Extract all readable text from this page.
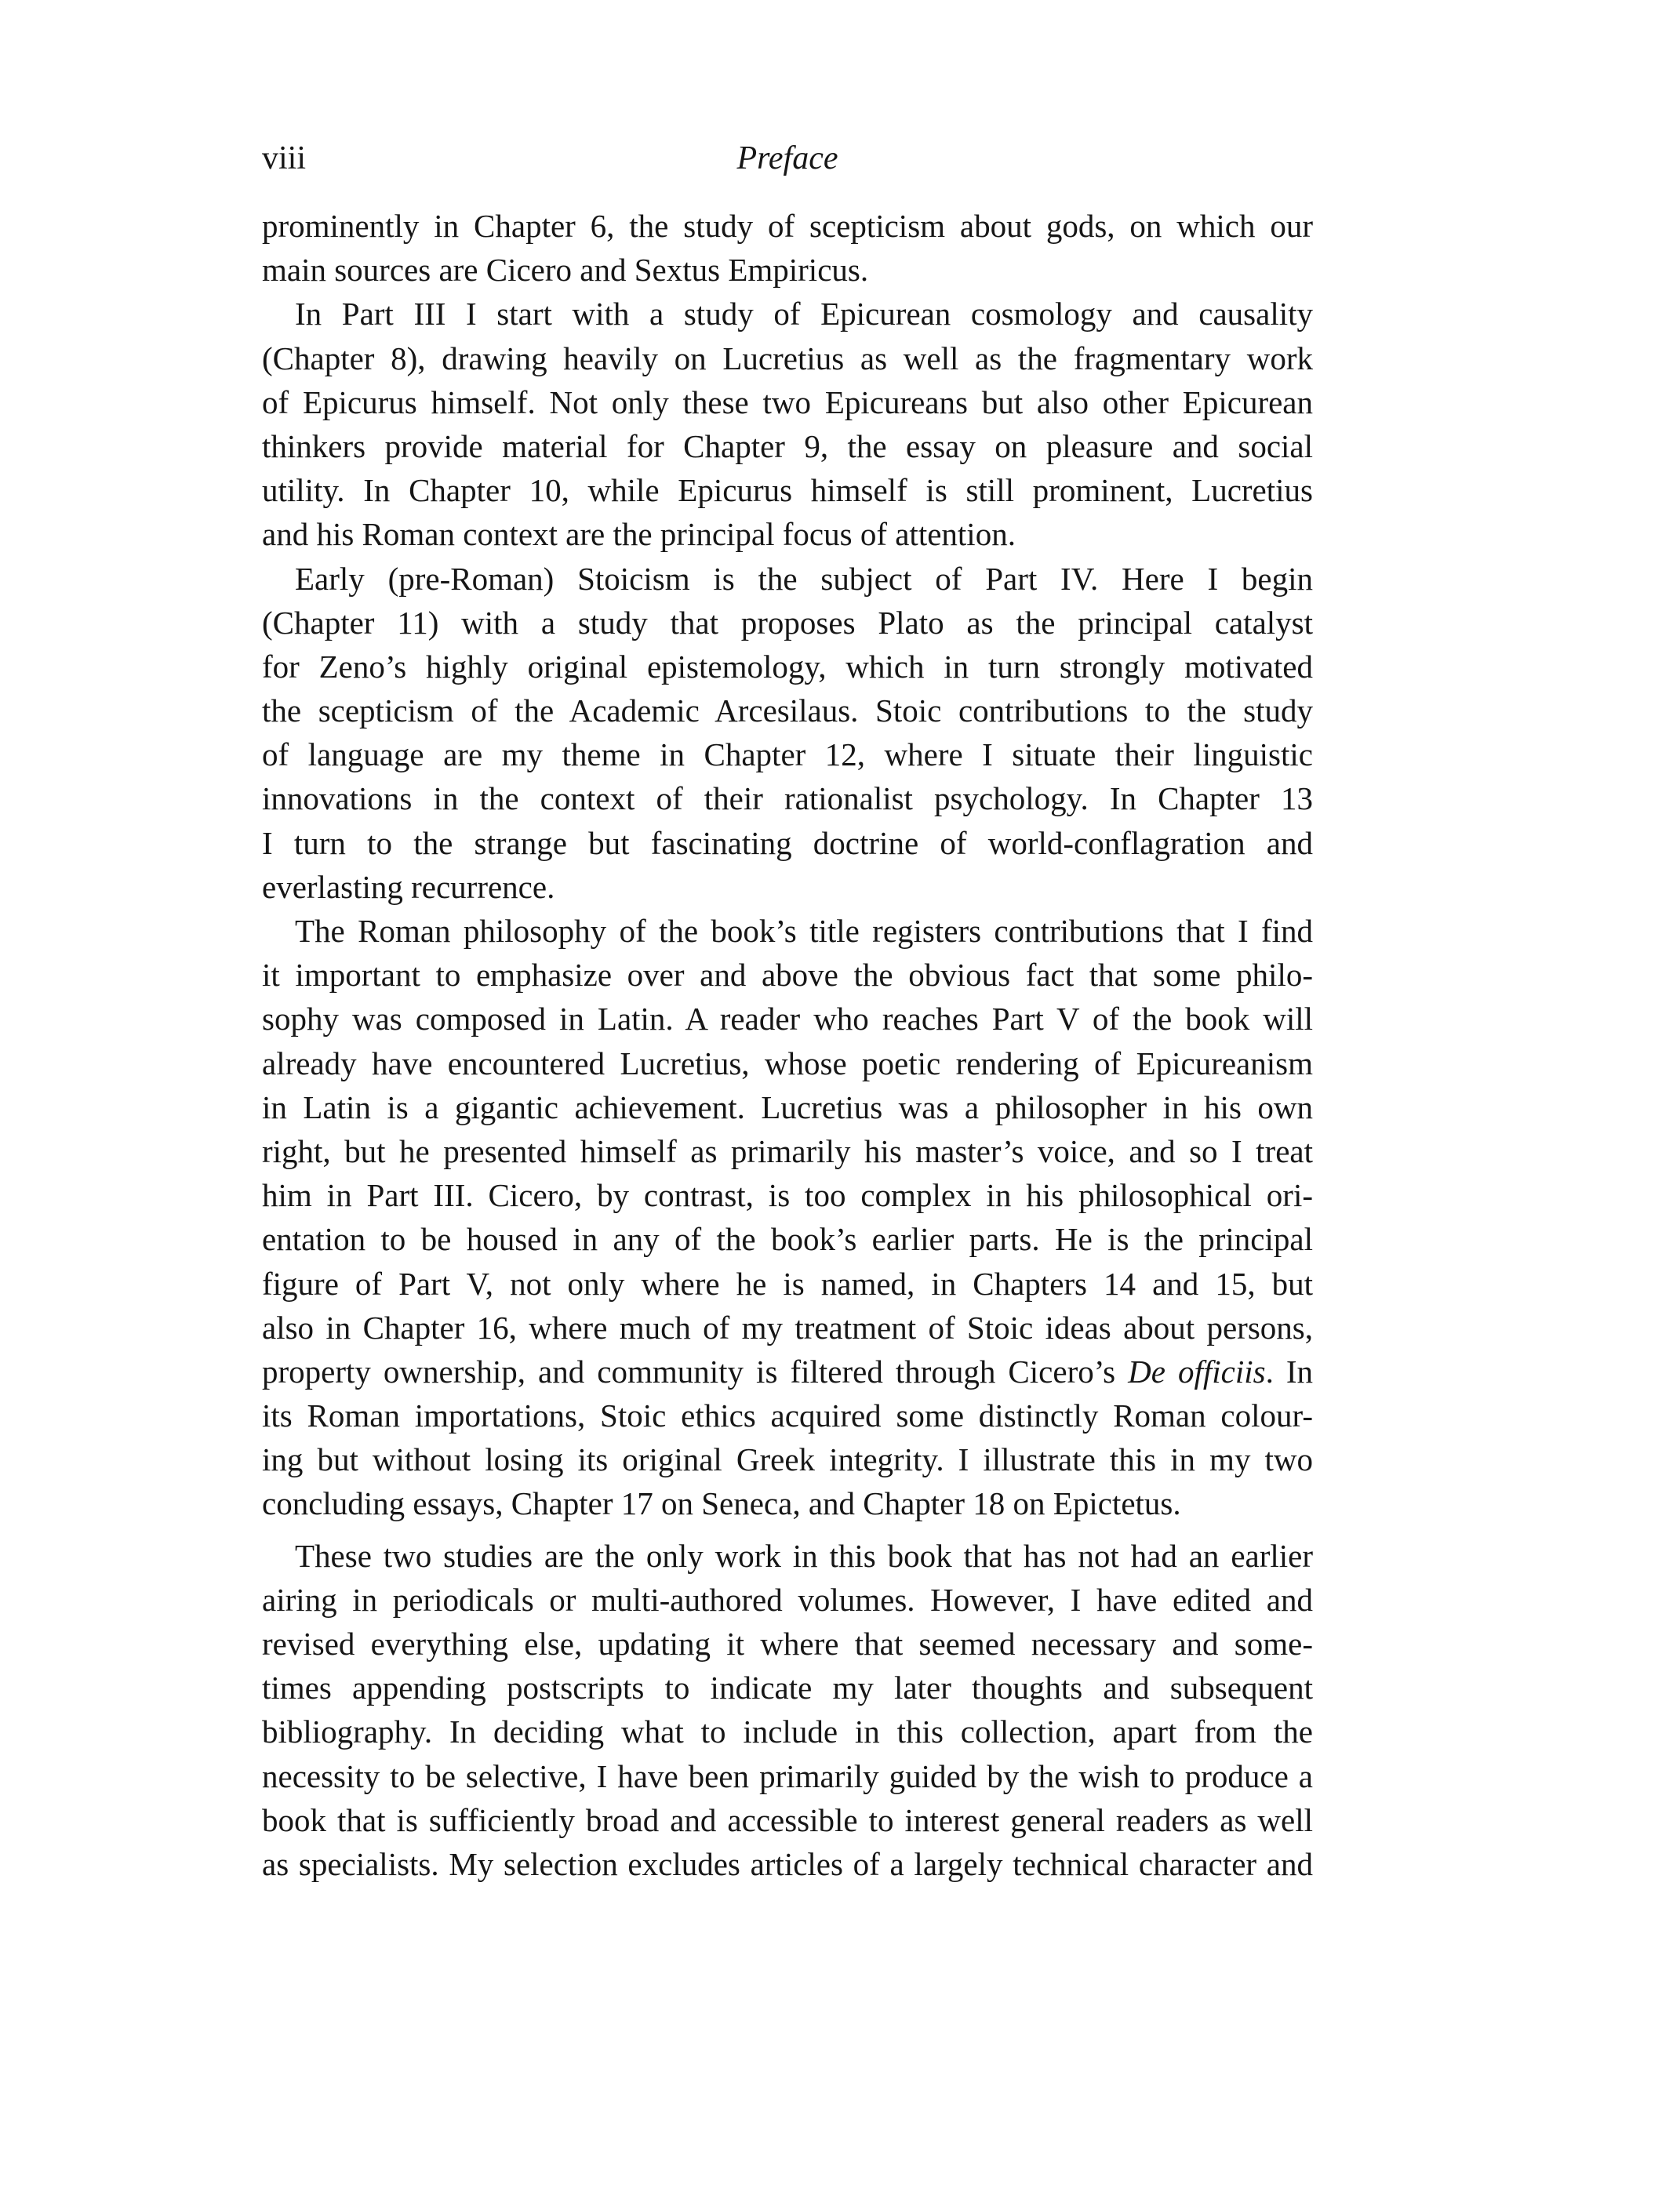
viii	Preface
prominently in Chapter 6, the study of scepticism about gods, on which our
main sources are Cicero and Sextus Empiricus.
In Part III I start with a study of Epicurean cosmology and causality
(Chapter 8), drawing heavily on Lucretius as well as the fragmentary work
of Epicurus himself. Not only these two Epicureans but also other Epicurean
thinkers provide material for Chapter 9, the essay on pleasure and social
utility. In Chapter 10, while Epicurus himself is still prominent, Lucretius
and his Roman context are the principal focus of attention.
Early (pre-Roman) Stoicism is the subject of Part IV. Here I begin
(Chapter 11) with a study that proposes Plato as the principal catalyst
for Zeno’s highly original epistemology, which in turn strongly motivated
the scepticism of the Academic Arcesilaus. Stoic contributions to the study
of language are my theme in Chapter 12, where I situate their linguistic
innovations in the context of their rationalist psychology. In Chapter 13
I turn to the strange but fascinating doctrine of world-conflagration and
everlasting recurrence.
The Roman philosophy of the book’s title registers contributions that I find
it important to emphasize over and above the obvious fact that some philo-
sophy was composed in Latin. A reader who reaches Part V of the book will
already have encountered Lucretius, whose poetic rendering of Epicureanism
in Latin is a gigantic achievement. Lucretius was a philosopher in his own
right, but he presented himself as primarily his master’s voice, and so I treat
him in Part III. Cicero, by contrast, is too complex in his philosophical ori-
entation to be housed in any of the book’s earlier parts. He is the principal
figure of Part V, not only where he is named, in Chapters 14 and 15, but
also in Chapter 16, where much of my treatment of Stoic ideas about persons,
property ownership, and community is filtered through Cicero’s De officiis. In
its Roman importations, Stoic ethics acquired some distinctly Roman colour-
ing but without losing its original Greek integrity. I illustrate this in my two
concluding essays, Chapter 17 on Seneca, and Chapter 18 on Epictetus.
These two studies are the only work in this book that has not had an earlier
airing in periodicals or multi-authored volumes. However, I have edited and
revised everything else, updating it where that seemed necessary and some-
times appending postscripts to indicate my later thoughts and subsequent
bibliography. In deciding what to include in this collection, apart from the
necessity to be selective, I have been primarily guided by the wish to produce a
book that is sufficiently broad and accessible to interest general readers as well
as specialists. My selection excludes articles of a largely technical character and
